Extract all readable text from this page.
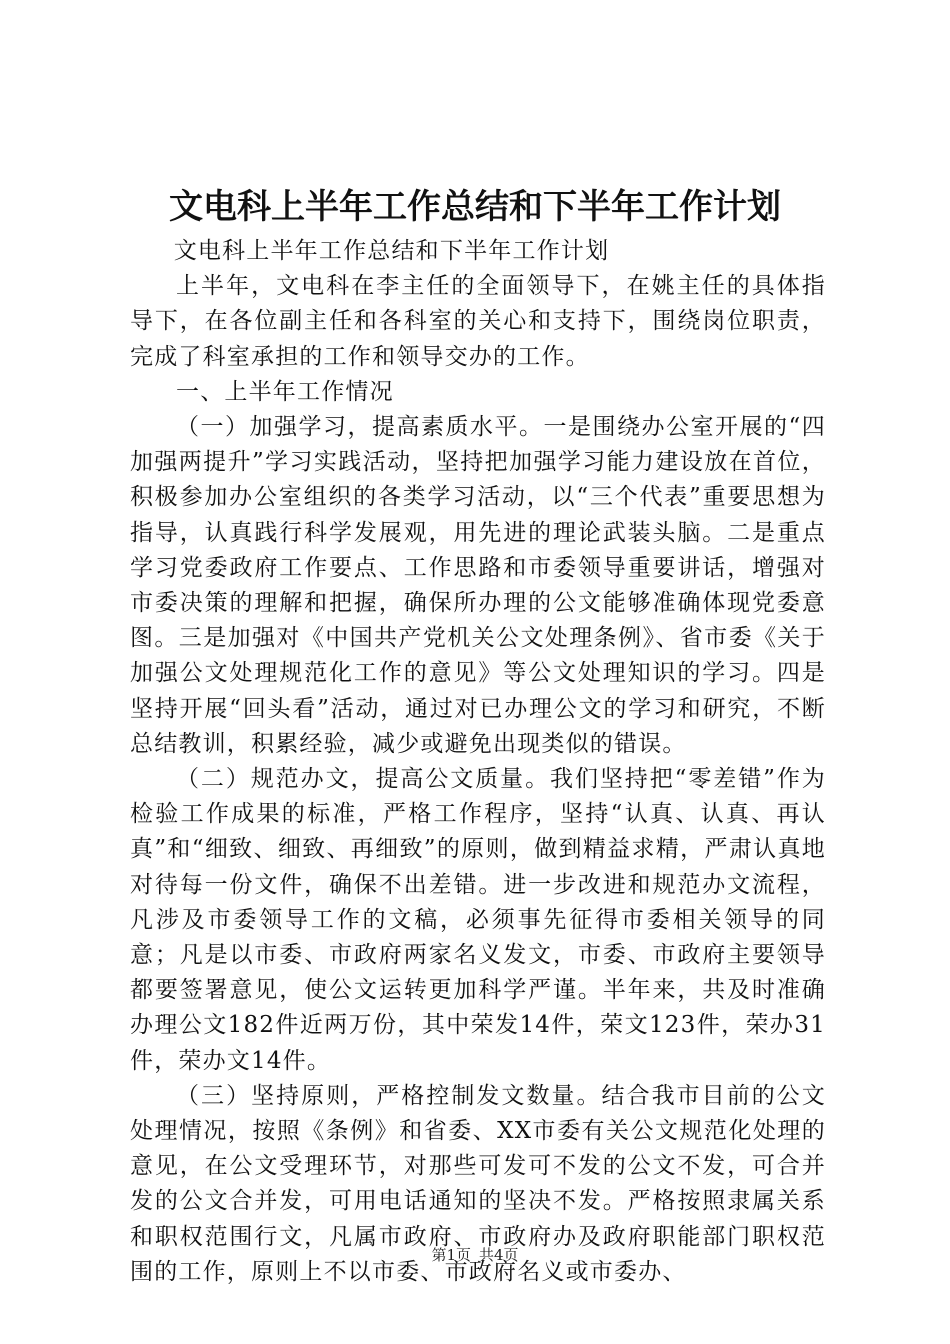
文电科上半年工作总结和下半年工作计划

文电科上半年工作总结和下半年工作计划

上半年，文电科在李主任的全面领导下，在姚主任的具体指导下，在各位副主任和各科室的关心和支持下，围绕岗位职责，完成了科室承担的工作和领导交办的工作。

一、上半年工作情况

（一）加强学习，提高素质水平。一是围绕办公室开展的“四加强两提升”学习实践活动，坚持把加强学习能力建设放在首位，积极参加办公室组织的各类学习活动，以“三个代表”重要思想为指导，认真践行科学发展观，用先进的理论武装头脑。二是重点学习党委政府工作要点、工作思路和市委领导重要讲话，增强对市委决策的理解和把握，确保所办理的公文能够准确体现党委意图。三是加强对《中国共产党机关公文处理条例》、省市委《关于加强公文处理规范化工作的意见》等公文处理知识的学习。四是坚持开展“回头看”活动，通过对已办理公文的学习和研究，不断总结教训，积累经验，减少或避免出现类似的错误。

（二）规范办文，提高公文质量。我们坚持把“零差错”作为检验工作成果的标准，严格工作程序，坚持“认真、认真、再认真”和“细致、细致、再细致”的原则，做到精益求精，严肃认真地对待每一份文件，确保不出差错。进一步改进和规范办文流程，凡涉及市委领导工作的文稿，必须事先征得市委相关领导的同意；凡是以市委、市政府两家名义发文，市委、市政府主要领导都要签署意见，使公文运转更加科学严谨。半年来，共及时准确办理公文182件近两万份，其中荣发14件，荣文123件，荣办31件，荣办文14件。

（三）坚持原则，严格控制发文数量。结合我市目前的公文处理情况，按照《条例》和省委、XX市委有关公文规范化处理的意见，在公文受理环节，对那些可发可不发的公文不发，可合并发的公文合并发，可用电话通知的坚决不发。严格按照隶属关系和职权范围行文，凡属市政府、市政府办及政府职能部门职权范围的工作，原则上不以市委、市政府名义或市委办、

第1页 共4页
